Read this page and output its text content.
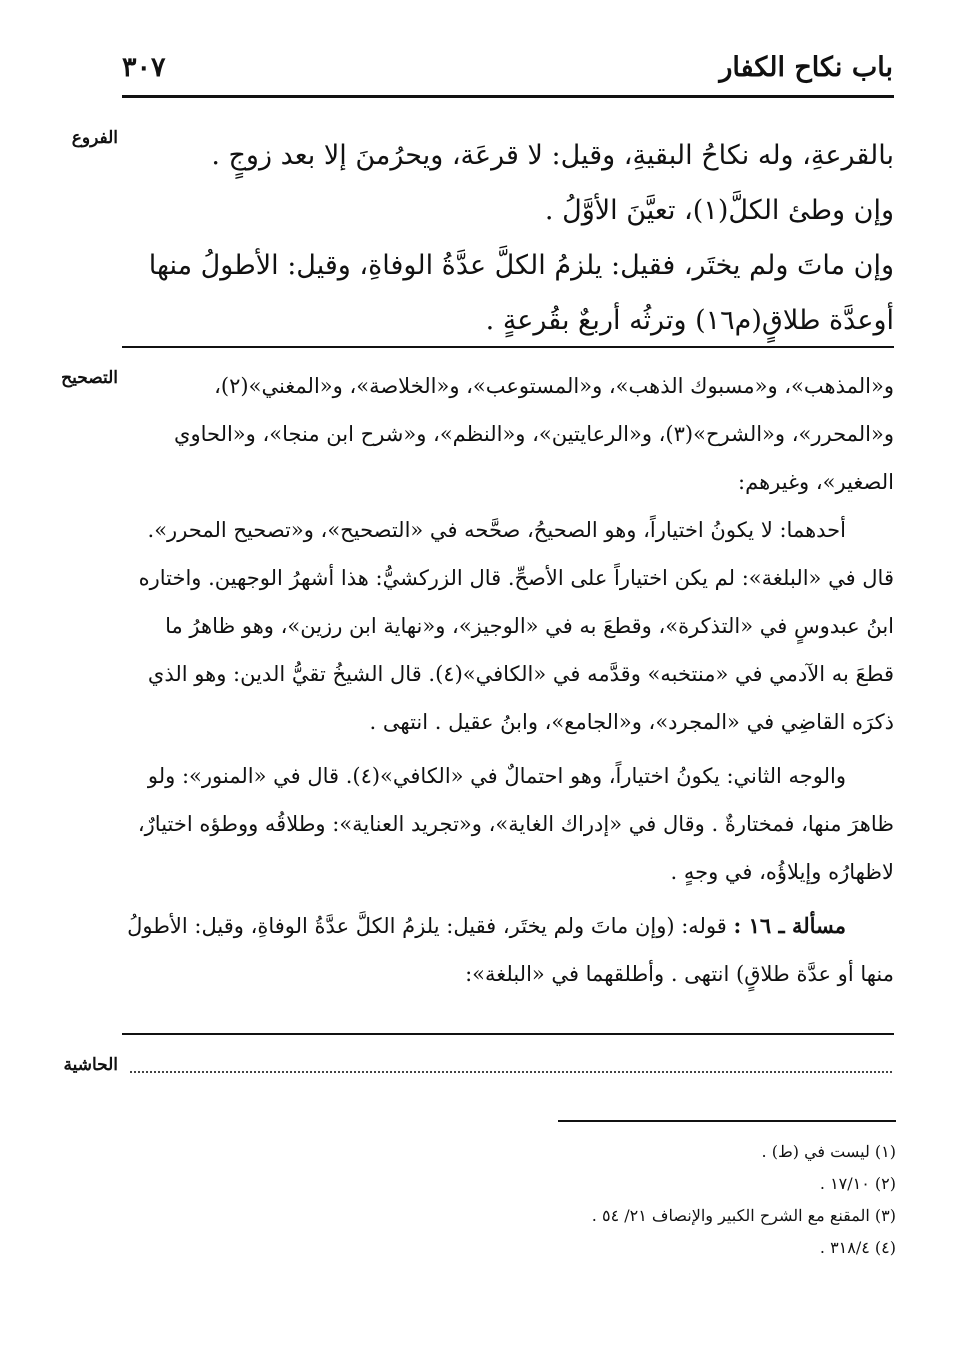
باب نكاح الكفار
٣٠٧
الفروع
التصحيح
الحاشية

بالقرعةِ، وله نكاحُ البقيةِ، وقيل: لا قرعَة، ويحرُمنَ إلا بعد زوجٍ .

وإن وطئ الكلَّ(١)، تعيَّنَ الأوَّلُ .

وإن ماتَ ولم يختَر، فقيل: يلزمُ الكلَّ عدَّةُ الوفاةِ، وقيل: الأطولُ منها أوعدَّة طلاقٍ(م١٦) وترثُه أربعٌ بقُرعةٍ .

و«المذهب»، و«مسبوك الذهب»، و«المستوعب»، و«الخلاصة»، و«المغني»(٢)، و«المحرر»، و«الشرح»(٣)، و«الرعايتين»، و«النظم»، و«شرح ابن منجا»، و«الحاوي الصغير»، وغيرهم:

أحدهما: لا يكونُ اختياراً، وهو الصحيحُ، صحَّحه في «التصحيح»، و«تصحيح المحرر». قال في «البلغة»: لم يكن اختياراً على الأصحِّ. قال الزركشيُّ: هذا أشهرُ الوجهين. واختاره ابنُ عبدوسٍ في «التذكرة»، وقطعَ به في «الوجيز»، و«نهاية ابن رزين»، وهو ظاهرُ ما قطعَ به الآدمي في «منتخبه» وقدَّمه في «الكافي»(٤). قال الشيخُ تقيُّ الدين: وهو الذي ذكرَه القاضِي في «المجرد»، و«الجامع»، وابنُ عقيل . انتهى .

والوجه الثاني: يكونُ اختياراً، وهو احتمالٌ في «الكافي»(٤). قال في «المنور»: ولو ظاهرَ منها، فمختارةٌ . وقال في «إدراك الغاية»، و«تجريد العناية»: وطلاقُه ووطؤه اختيارٌ، لاظهارُه وإيلاؤُه، في وجهٍ .

مسألة ـ ١٦ : قوله: (وإن ماتَ ولم يختَر، فقيل: يلزمُ الكلَّ عدَّةُ الوفاةِ، وقيل: الأطولُ منها أو عدَّة طلاقٍ) انتهى . وأطلقهما في «البلغة»:

(١) ليست في (ط) .

(٢) ١٧/١٠ .

(٣) المقنع مع الشرح الكبير والإنصاف ٢١/ ٥٤ .

(٤) ٣١٨/٤ .
